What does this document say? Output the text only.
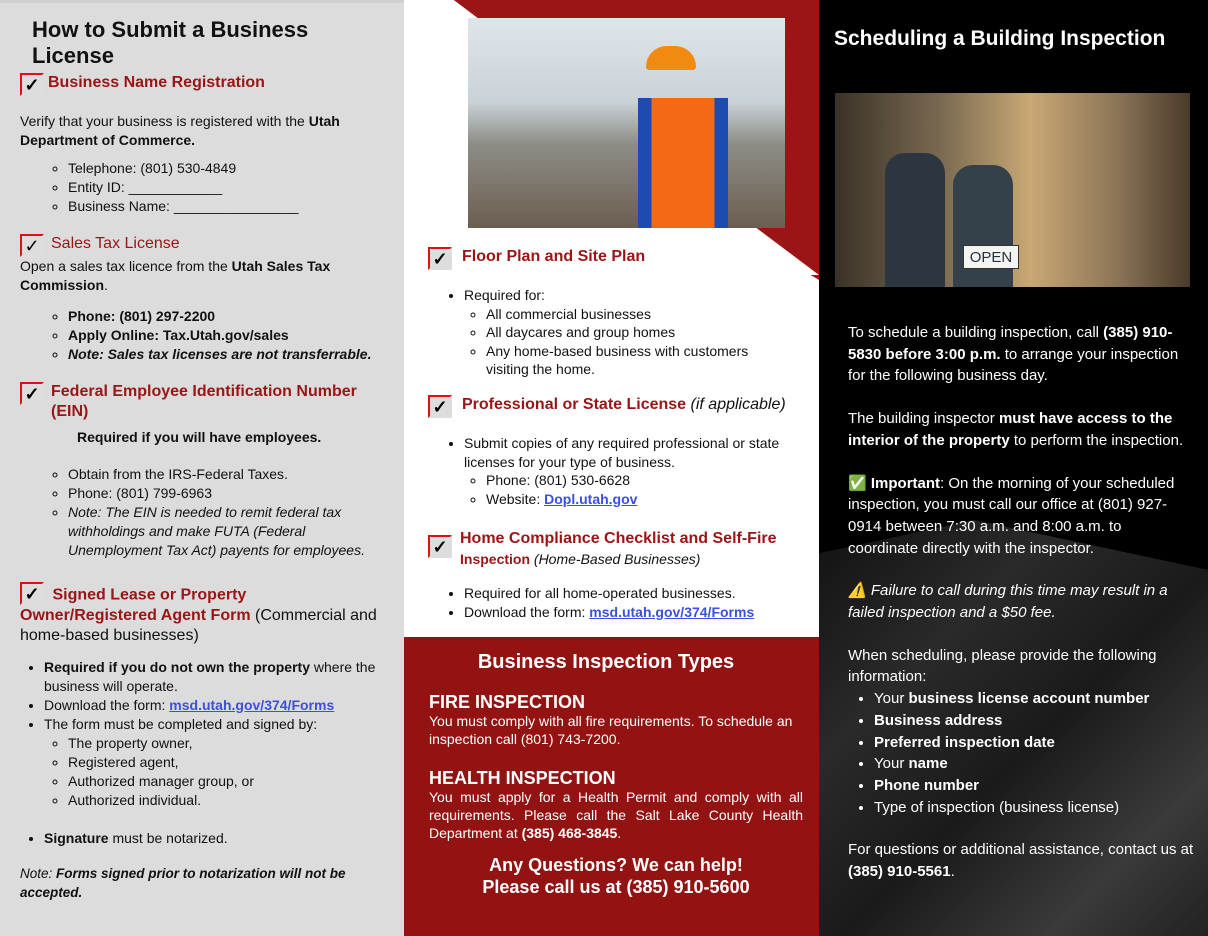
How to Submit a Business License
✓ Business Name Registration

Verify that your business is registered with the Utah Department of Commerce.

◦ Telephone: (801) 530-4849
◦ Entity ID: ____________
◦ Business Name: ________________
✓ Sales Tax License

Open a sales tax licence from the Utah Sales Tax Commission.

◦ Phone: (801) 297-2200
◦ Apply Online: Tax.Utah.gov/sales
◦ Note: Sales tax licenses are not transferrable.
✓ Federal Employee Identification Number (EIN)

Required if you will have employees.

◦ Obtain from the IRS-Federal Taxes.
◦ Phone: (801) 799-6963
◦ Note: The EIN is needed to remit federal tax withholdings and make FUTA (Federal Unemployment Tax Act) payents for employees.
✓ Signed Lease or Property Owner/Registered Agent Form (Commercial and home-based businesses)
• Required if you do not own the property where the business will operate.
• Download the form: msd.utah.gov/374/Forms
• The form must be completed and signed by:
◦ The property owner,
◦ Registered agent,
◦ Authorized manager group, or
◦ Authorized individual.
• Signature must be notarized.

Note: Forms signed prior to notarization will not be accepted.

✓ Floor Plan and Site Plan
• Required for:
◦ All commercial businesses
◦ All daycares and group homes
◦ Any home-based business with customers visiting the home.
✓ Professional or State License (if applicable)
• Submit copies of any required professional or state licenses for your type of business.
◦ Phone: (801) 530-6628
◦ Website: Dopl.utah.gov
✓ Home Compliance Checklist and Self-Fire
Inspection (Home-Based Businesses)
• Required for all home-operated businesses.
• Download the form: msd.utah.gov/374/Forms
Business Inspection Types
FIRE INSPECTION

You must comply with all fire requirements. To schedule an inspection call (801) 743-7200.

HEALTH INSPECTION

You must apply for a Health Permit and comply with all requirements. Please call the Salt Lake County Health Department at (385) 468-3845.

Any Questions? We can help!
Please call us at (385) 910-5600
Scheduling a Building Inspection
OPEN

To schedule a building inspection, call (385) 910-5830 before 3:00 p.m. to arrange your inspection for the following business day.

The building inspector must have access to the interior of the property to perform the inspection.

✅ Important: On the morning of your scheduled inspection, you must call our office at (801) 927-0914 between 7:30 a.m. and 8:00 a.m. to coordinate directly with the inspector.

⚠️ Failure to call during this time may result in a failed inspection and a $50 fee.

When scheduling, please provide the following information:

• Your business license account number
• Business address
• Preferred inspection date
• Your name
• Phone number
• Type of inspection (business license)

For questions or additional assistance, contact us at (385) 910-5561.
